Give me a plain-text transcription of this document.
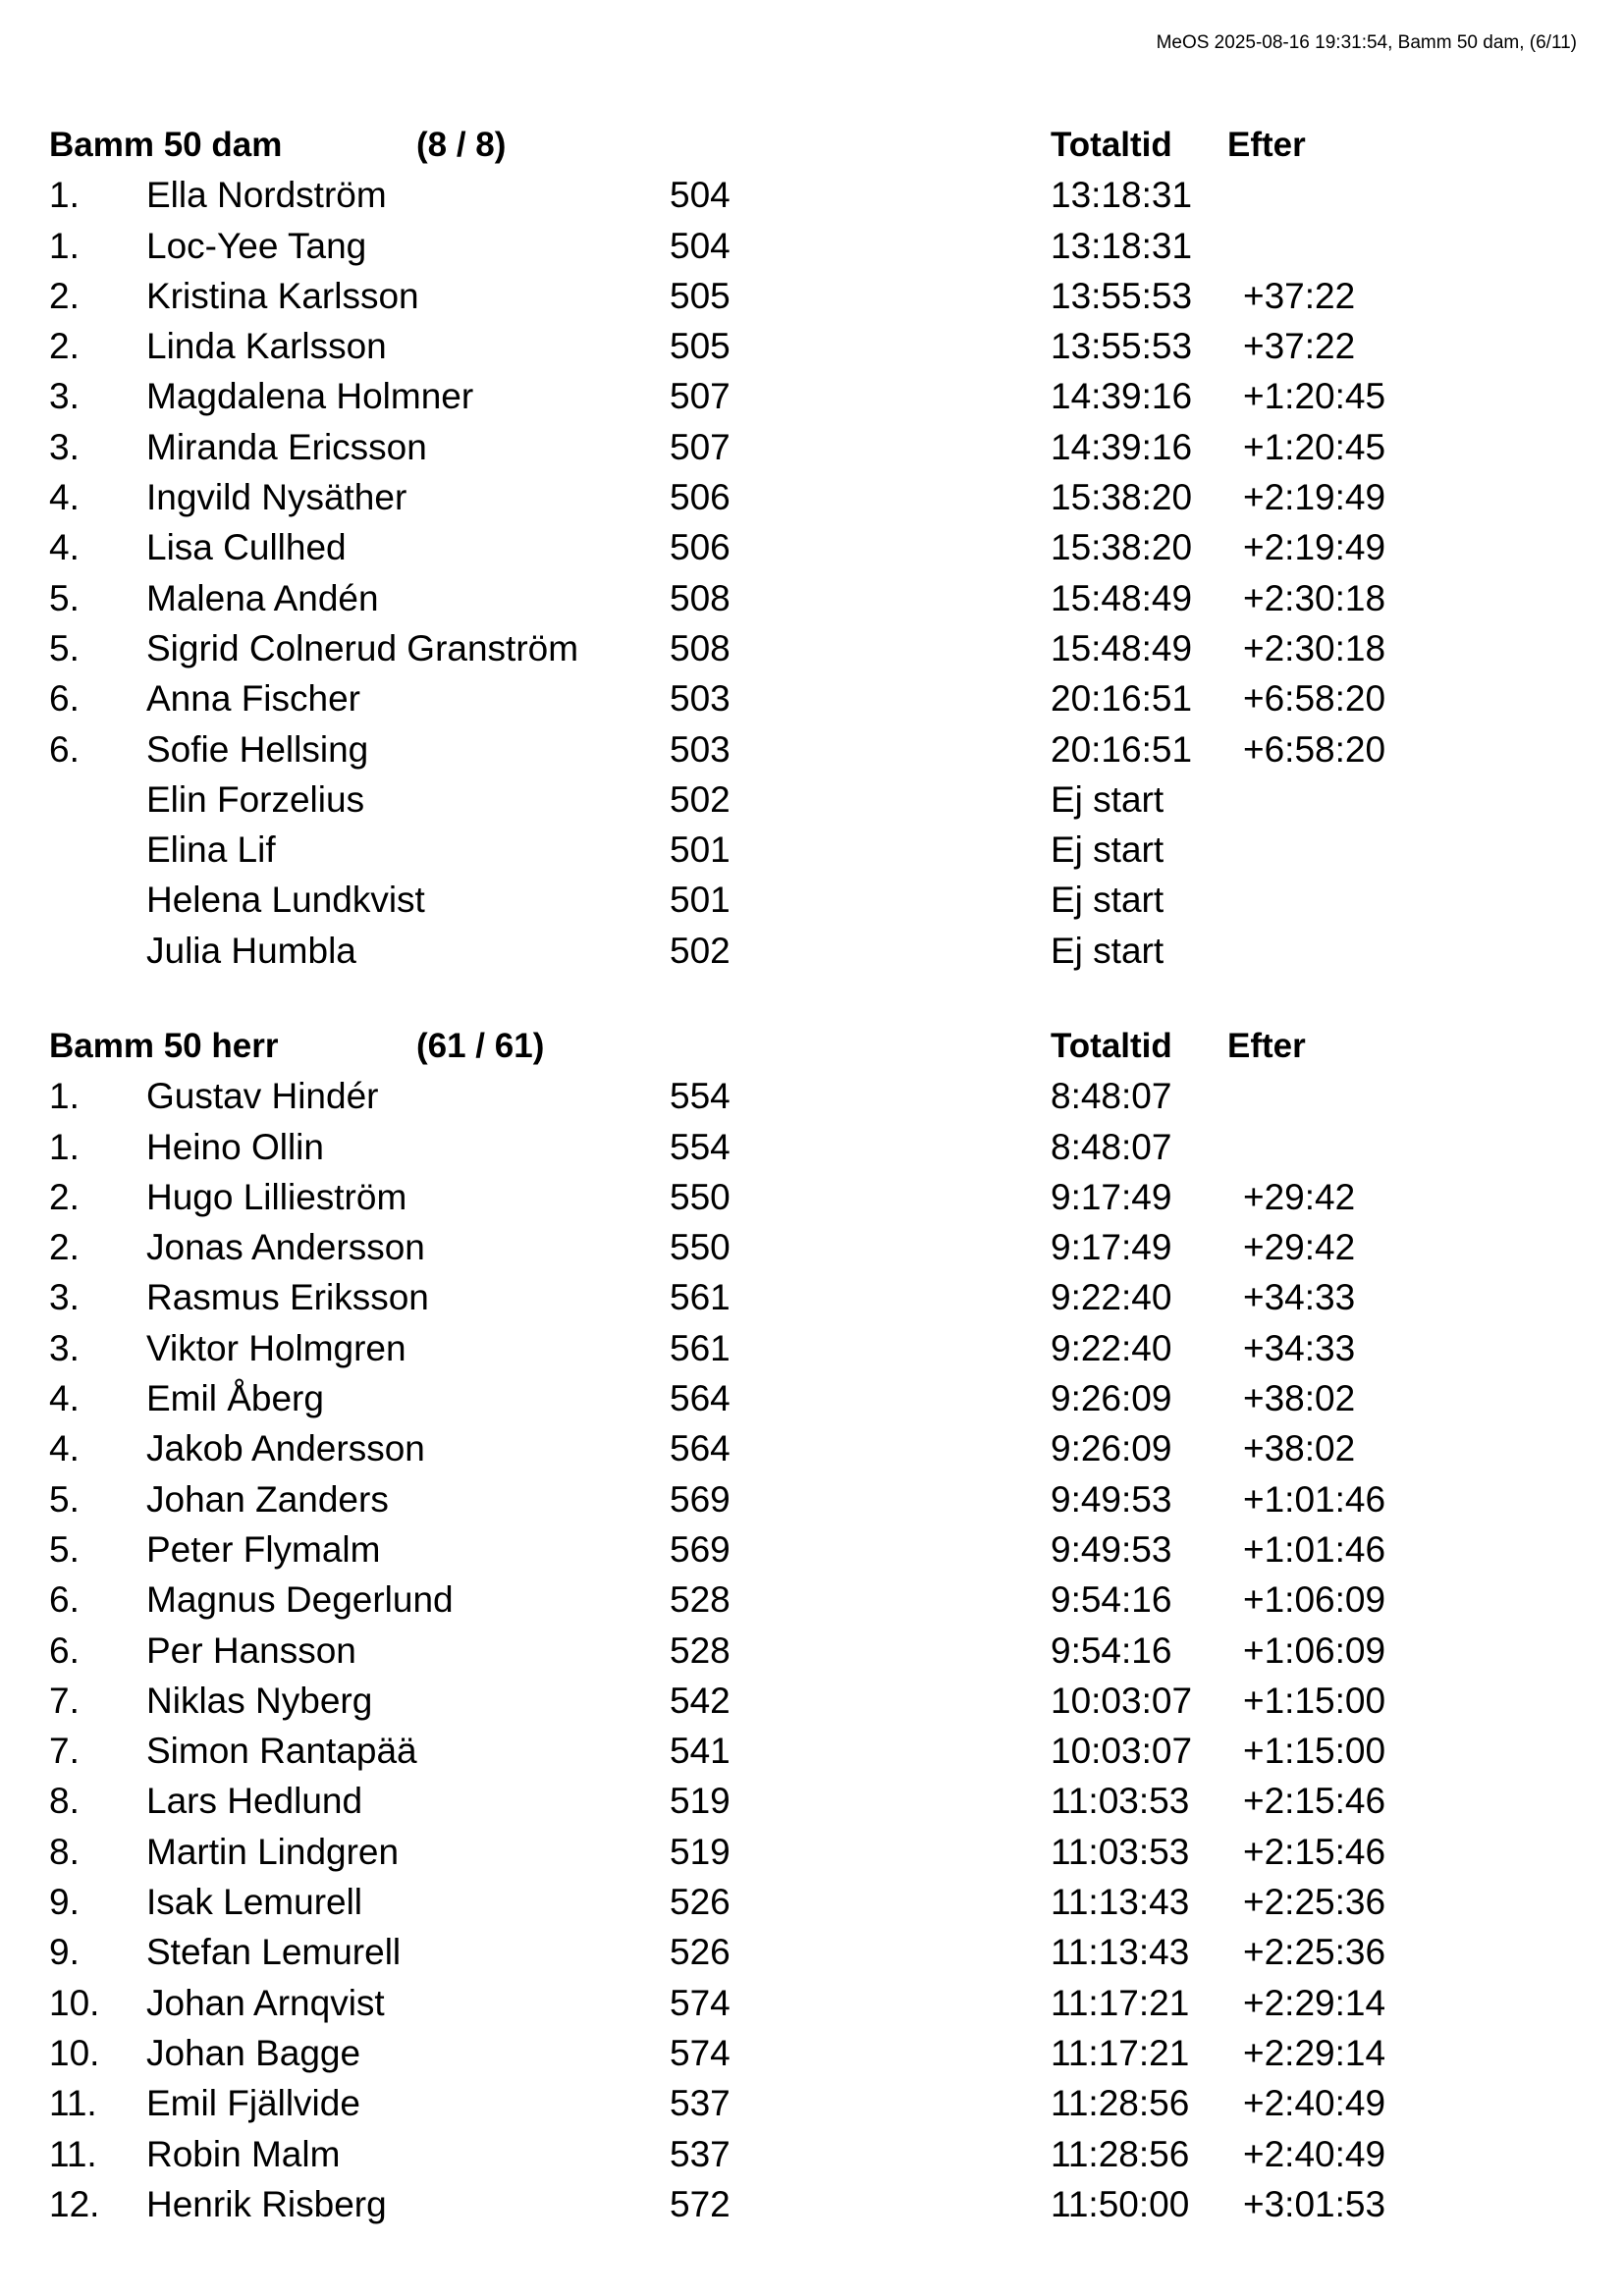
MeOS 2025-08-16 19:31:54, Bamm 50 dam, (6/11)
Bamm 50 dam	(8 / 8)	Totaltid Efter
1. Ella Nordström	504	13:18:31
1. Loc-Yee Tang	504	13:18:31
2. Kristina Karlsson	505	13:55:53 +37:22
2. Linda Karlsson	505	13:55:53 +37:22
3. Magdalena Holmner	507	14:39:16 +1:20:45
3. Miranda Ericsson	507	14:39:16 +1:20:45
4. Ingvild Nysäther	506	15:38:20 +2:19:49
4. Lisa Cullhed	506	15:38:20 +2:19:49
5. Malena Andén	508	15:48:49 +2:30:18
5. Sigrid Colnerud Granström	508	15:48:49 +2:30:18
6. Anna Fischer	503	20:16:51 +6:58:20
6. Sofie Hellsing	503	20:16:51 +6:58:20
Elin Forzelius	502	Ej start
Elina Lif	501	Ej start
Helena Lundkvist	501	Ej start
Julia Humbla	502	Ej start
Bamm 50 herr	(61 / 61)	Totaltid Efter
1. Gustav Hindér	554	8:48:07
1. Heino Ollin	554	8:48:07
2. Hugo Lillieström	550	9:17:49 +29:42
2. Jonas Andersson	550	9:17:49 +29:42
3. Rasmus Eriksson	561	9:22:40 +34:33
3. Viktor Holmgren	561	9:22:40 +34:33
4. Emil Åberg	564	9:26:09 +38:02
4. Jakob Andersson	564	9:26:09 +38:02
5. Johan Zanders	569	9:49:53 +1:01:46
5. Peter Flymalm	569	9:49:53 +1:01:46
6. Magnus Degerlund	528	9:54:16 +1:06:09
6. Per Hansson	528	9:54:16 +1:06:09
7. Niklas Nyberg	542	10:03:07 +1:15:00
7. Simon Rantapää	541	10:03:07 +1:15:00
8. Lars Hedlund	519	11:03:53 +2:15:46
8. Martin Lindgren	519	11:03:53 +2:15:46
9. Isak Lemurell	526	11:13:43 +2:25:36
9. Stefan Lemurell	526	11:13:43 +2:25:36
10. Johan Arnqvist	574	11:17:21 +2:29:14
10. Johan Bagge	574	11:17:21 +2:29:14
11. Emil Fjällvide	537	11:28:56 +2:40:49
11. Robin Malm	537	11:28:56 +2:40:49
12. Henrik Risberg	572	11:50:00 +3:01:53
